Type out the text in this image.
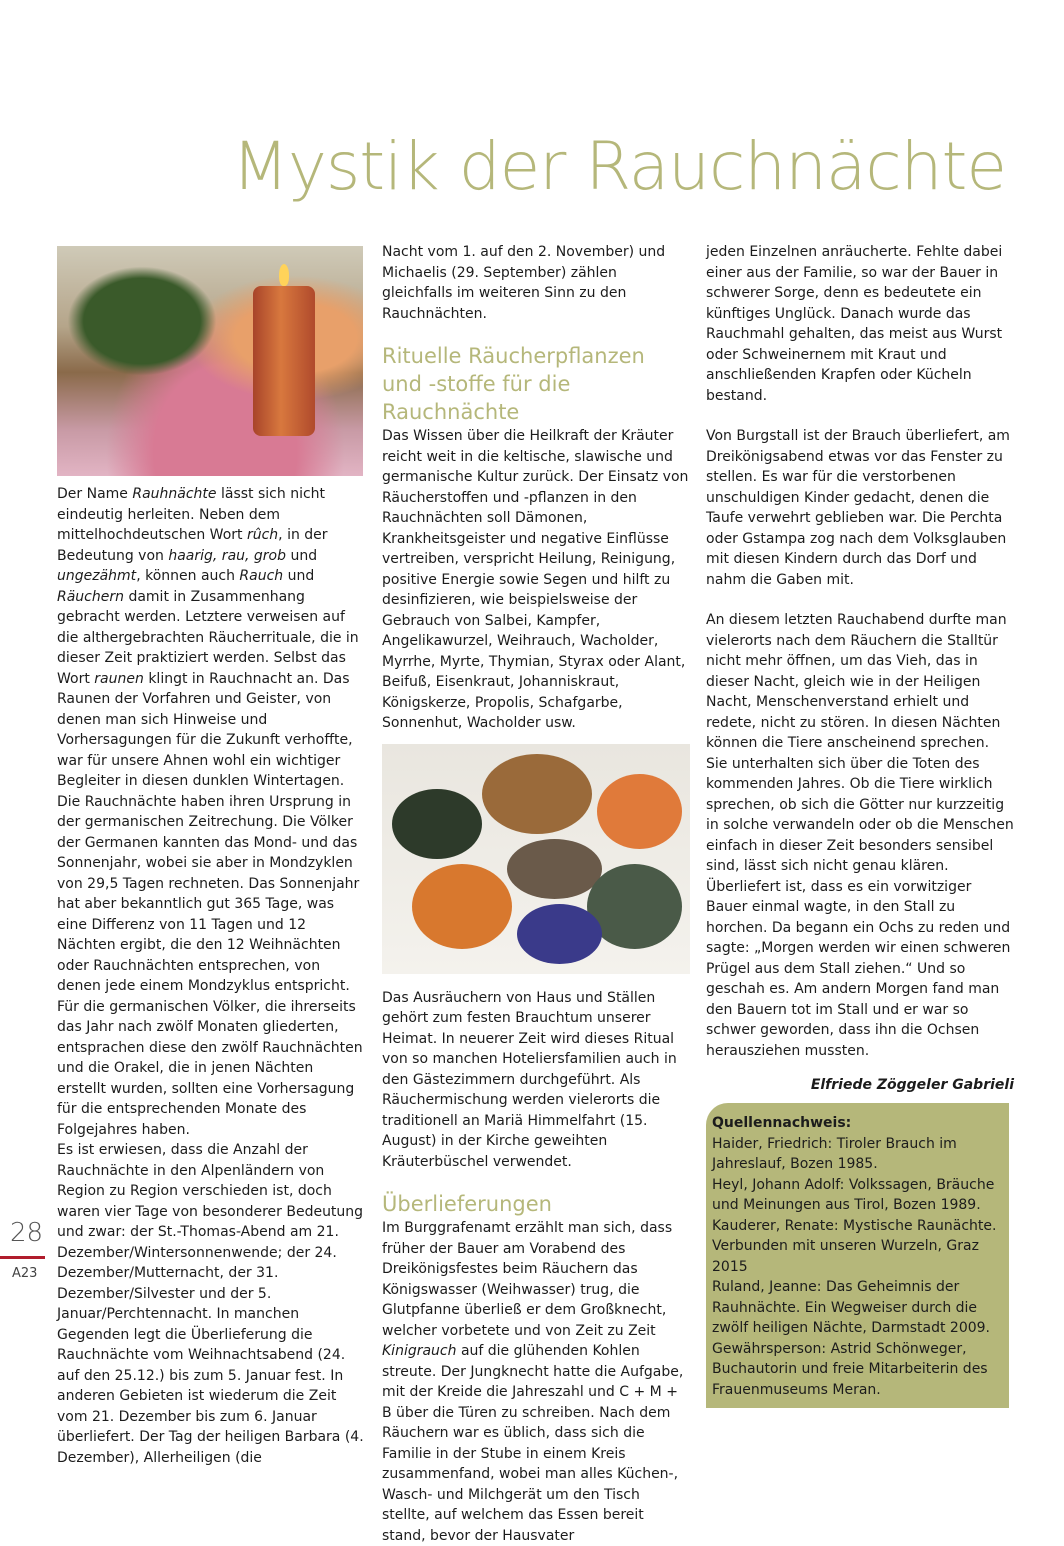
Mystik der Rauchnächte

Der Name Rauhnächte lässt sich nicht eindeutig herleiten. Neben dem mittelhochdeutschen Wort rûch, in der Bedeutung von haarig, rau, grob und ungezähmt, können auch Rauch und Räuchern damit in Zusammenhang gebracht werden. Letztere verweisen auf die althergebrachten Räucherrituale, die in dieser Zeit praktiziert werden. Selbst das Wort raunen klingt in Rauchnacht an. Das Raunen der Vorfahren und Geister, von denen man sich Hinweise und Vorhersagungen für die Zukunft verhoffte, war für unsere Ahnen wohl ein wichtiger Begleiter in diesen dunklen Wintertagen.

Die Rauchnächte haben ihren Ursprung in der germanischen Zeitrechung. Die Völker der Germanen kannten das Mond- und das Sonnenjahr, wobei sie aber in Mondzyklen von 29,5 Tagen rechneten. Das Sonnenjahr hat aber bekanntlich gut 365 Tage, was eine Differenz von 11 Tagen und 12 Nächten ergibt, die den 12 Weihnächten oder Rauchnächten entsprechen, von denen jede einem Mondzyklus entspricht. Für die germanischen Völker, die ihrerseits das Jahr nach zwölf Monaten gliederten, entsprachen diese den zwölf Rauchnächten und die Orakel, die in jenen Nächten erstellt wurden, sollten eine Vorhersagung für die entsprechenden Monate des Folgejahres haben.

Es ist erwiesen, dass die Anzahl der Rauchnächte in den Alpenländern von Region zu Region verschieden ist, doch waren vier Tage von besonderer Bedeutung und zwar: der St.-Thomas-Abend am 21. Dezember/Wintersonnenwende; der 24. Dezember/Mutternacht, der 31. Dezember/Silvester und der 5. Januar/Perchtennacht. In manchen Gegenden legt die Überlieferung die Rauchnächte vom Weihnachtsabend (24. auf den 25.12.) bis zum 5. Januar fest. In anderen Gebieten ist wiederum die Zeit vom 21. Dezember bis zum 6. Januar überliefert. Der Tag der heiligen Barbara (4. Dezember), Allerheiligen (die

Nacht vom 1. auf den 2. November) und Michaelis (29. September) zählen gleichfalls im weiteren Sinn zu den Rauchnächten.

Rituelle Räucherpflanzen und -stoffe für die Rauchnächte

Das Wissen über die Heilkraft der Kräuter reicht weit in die keltische, slawische und germanische Kultur zurück. Der Einsatz von Räucherstoffen und -pflanzen in den Rauchnächten soll Dämonen, Krankheitsgeister und negative Einflüsse vertreiben, verspricht Heilung, Reinigung, positive Energie sowie Segen und hilft zu desinfizieren, wie beispielsweise der Gebrauch von Salbei, Kampfer, Angelikawurzel, Weihrauch, Wacholder, Myrrhe, Myrte, Thymian, Styrax oder Alant, Beifuß, Eisenkraut, Johanniskraut, Königskerze, Propolis, Schafgarbe, Sonnenhut, Wacholder usw.

Das Ausräuchern von Haus und Ställen gehört zum festen Brauchtum unserer Heimat. In neuerer Zeit wird dieses Ritual von so manchen Hoteliersfamilien auch in den Gästezimmern durchgeführt. Als Räuchermischung werden vielerorts die traditionell an Mariä Himmelfahrt (15. August) in der Kirche geweihten Kräuterbüschel verwendet.

Überlieferungen

Im Burggrafenamt erzählt man sich, dass früher der Bauer am Vorabend des Dreikönigsfestes beim Räuchern das Königswasser (Weihwasser) trug, die Glutpfanne überließ er dem Großknecht, welcher vorbetete und von Zeit zu Zeit Kinigrauch auf die glühenden Kohlen streute. Der Jungknecht hatte die Aufgabe, mit der Kreide die Jahreszahl und C + M + B über die Türen zu schreiben. Nach dem Räuchern war es üblich, dass sich die Familie in der Stube in einem Kreis zusammenfand, wobei man alles Küchen-, Wasch- und Milchgerät um den Tisch stellte, auf welchem das Essen bereit stand, bevor der Hausvater

jeden Einzelnen anräucherte. Fehlte dabei einer aus der Familie, so war der Bauer in schwerer Sorge, denn es bedeutete ein künftiges Unglück. Danach wurde das Rauchmahl gehalten, das meist aus Wurst oder Schweinernem mit Kraut und anschließenden Krapfen oder Kücheln bestand.

Von Burgstall ist der Brauch überliefert, am Dreikönigsabend etwas vor das Fenster zu stellen. Es war für die verstorbenen unschuldigen Kinder gedacht, denen die Taufe verwehrt geblieben war. Die Perchta oder Gstampa zog nach dem Volksglauben mit diesen Kindern durch das Dorf und nahm die Gaben mit.

An diesem letzten Rauchabend durfte man vielerorts nach dem Räuchern die Stalltür nicht mehr öffnen, um das Vieh, das in dieser Nacht, gleich wie in der Heiligen Nacht, Menschenverstand erhielt und redete, nicht zu stören. In diesen Nächten können die Tiere anscheinend sprechen. Sie unterhalten sich über die Toten des kommenden Jahres. Ob die Tiere wirklich sprechen, ob sich die Götter nur kurzzeitig in solche verwandeln oder ob die Menschen einfach in dieser Zeit besonders sensibel sind, lässt sich nicht genau klären. Überliefert ist, dass es ein vorwitziger Bauer einmal wagte, in den Stall zu horchen. Da begann ein Ochs zu reden und sagte: „Morgen werden wir einen schweren Prügel aus dem Stall ziehen.“ Und so geschah es. Am andern Morgen fand man den Bauern tot im Stall und er war so schwer geworden, dass ihn die Ochsen herausziehen mussten.

Elfriede Zöggeler Gabrieli

Quellennachweis:
Haider, Friedrich: Tiroler Brauch im Jahreslauf, Bozen 1985.
Heyl, Johann Adolf: Volkssagen, Bräuche und Meinungen aus Tirol, Bozen 1989.
Kauderer, Renate: Mystische Raunächte. Verbunden mit unseren Wurzeln, Graz 2015
Ruland, Jeanne: Das Geheimnis der Rauhnächte. Ein Wegweiser durch die zwölf heiligen Nächte, Darmstadt 2009.
Gewährsperson: Astrid Schönweger, Buchautorin und freie Mitarbeiterin des Frauenmuseums Meran.

28

A23
